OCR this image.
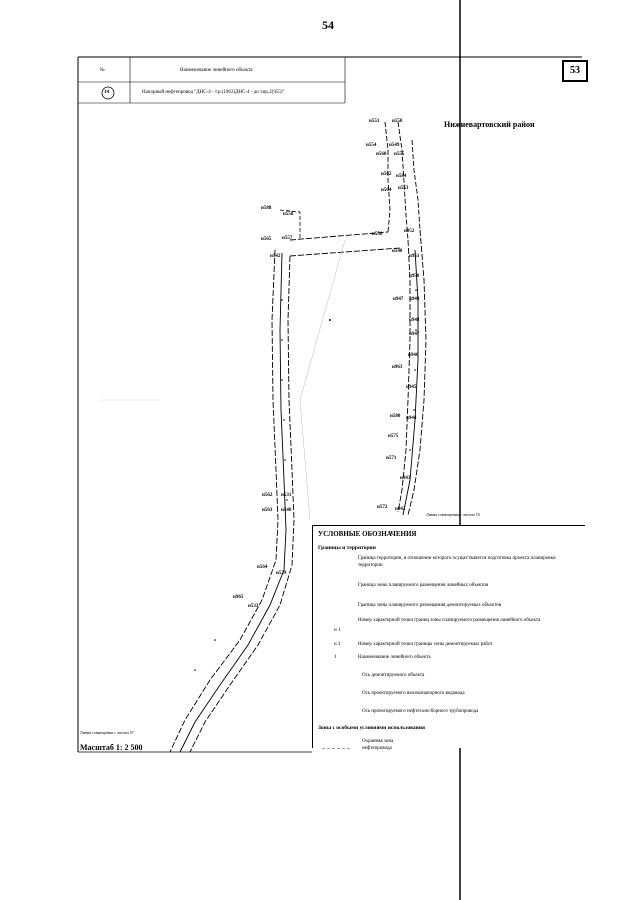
54
53
№	Наименование линейного объекта
14	Напорный нефтепровод "ДНС-4 - т.р.(1963)ДНС-4 - до т.вр.2(955)"
Нижневартовский район
н551	н550
н554	н549
н560 н555
н562 н584
н564 н553
н588
н558
н556
н952
н565 н557
н548
н542	н951
н950
н947 н949
н948
н947
н946
н963
н945
н580 н944
н575
н571
н943
н562 н531
н563 н540
н572 н942
н564
н539
н965
н533
Линия совмещения с листом 53
Линия совмещения с листом 57
УСЛОВНЫЕ ОБОЗНАЧЕНИЯ
Границы и территории
Граница территории, в отношении которого осуществляется подготовка проекта планировки территории
Граница зоны планируемого размещения линейных объектов
Граница зоны планируемого размещения демонтируемых объектов
н 1
Номер характерной точки границ зоны планируемого размещения линейного объекта
н 3	Номер характерной точки границы зоны демонтируемых работ
1	Наименование линейного объекта
Ось демонтируемого объекта
Ось проектируемого высоконапорного водовода
Ось проектируемого нефтегазосборного трубопровода
Зоны с особыми условиями использования
Охранная зона нефтепровода
Масштаб 1: 2 500
